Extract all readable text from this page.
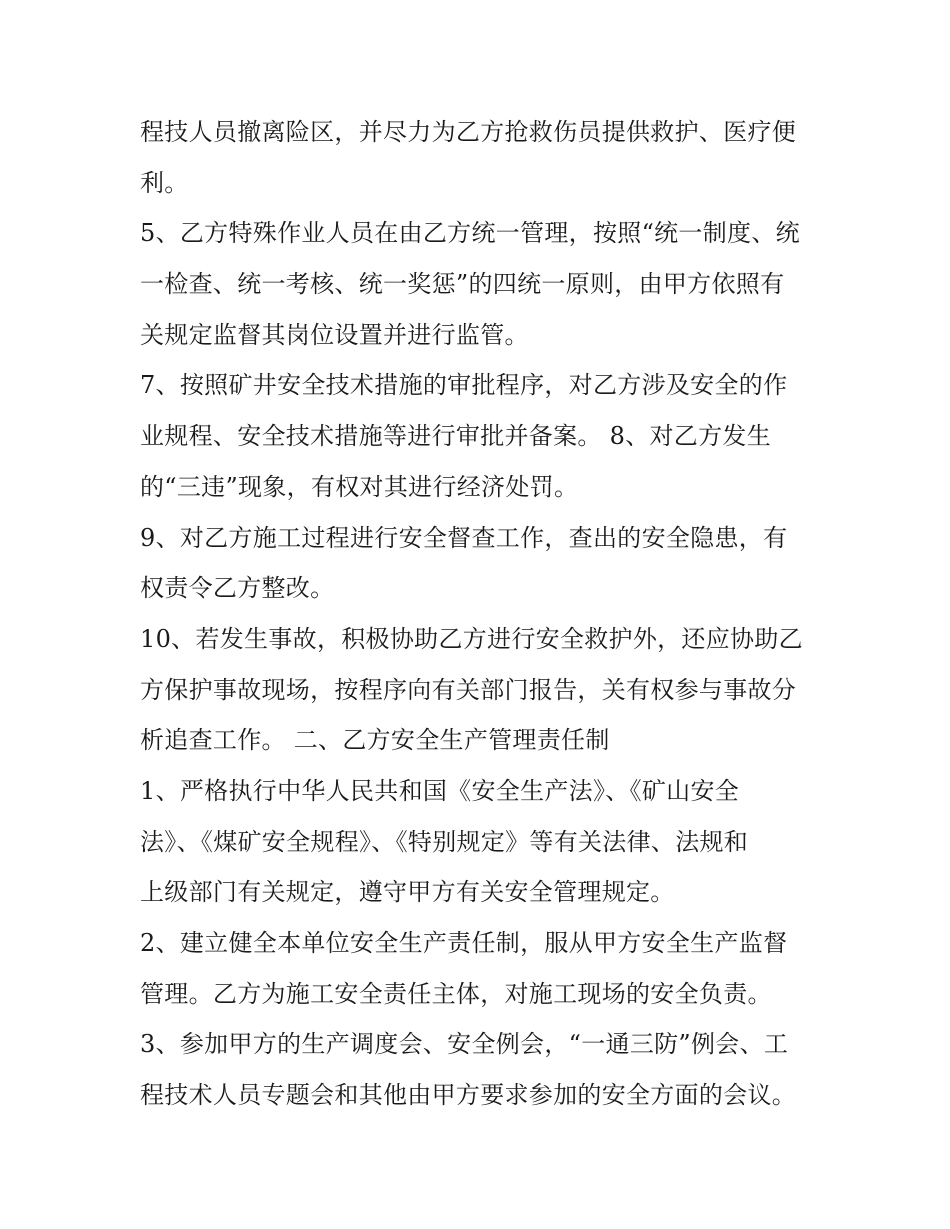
程技人员撤离险区，并尽力为乙方抢救伤员提供救护、医疗便
利。
5、乙方特殊作业人员在由乙方统一管理，按照“统一制度、统
一检查、统一考核、统一奖惩”的四统一原则，由甲方依照有
关规定监督其岗位设置并进行监管。
7、按照矿井安全技术措施的审批程序，对乙方涉及安全的作
业规程、安全技术措施等进行审批并备案。 8、对乙方发生
的“三违”现象，有权对其进行经济处罚。
9、对乙方施工过程进行安全督查工作，查出的安全隐患，有
权责令乙方整改。
10、若发生事故，积极协助乙方进行安全救护外，还应协助乙
方保护事故现场，按程序向有关部门报告，关有权参与事故分
析追查工作。 二、乙方安全生产管理责任制
1、严格执行中华人民共和国《安全生产法》、《矿山安全
法》、《煤矿安全规程》、《特别规定》等有关法律、法规和
上级部门有关规定，遵守甲方有关安全管理规定。
2、建立健全本单位安全生产责任制，服从甲方安全生产监督
管理。乙方为施工安全责任主体，对施工现场的安全负责。
3、参加甲方的生产调度会、安全例会，“一通三防”例会、工
程技术人员专题会和其他由甲方要求参加的安全方面的会议。
